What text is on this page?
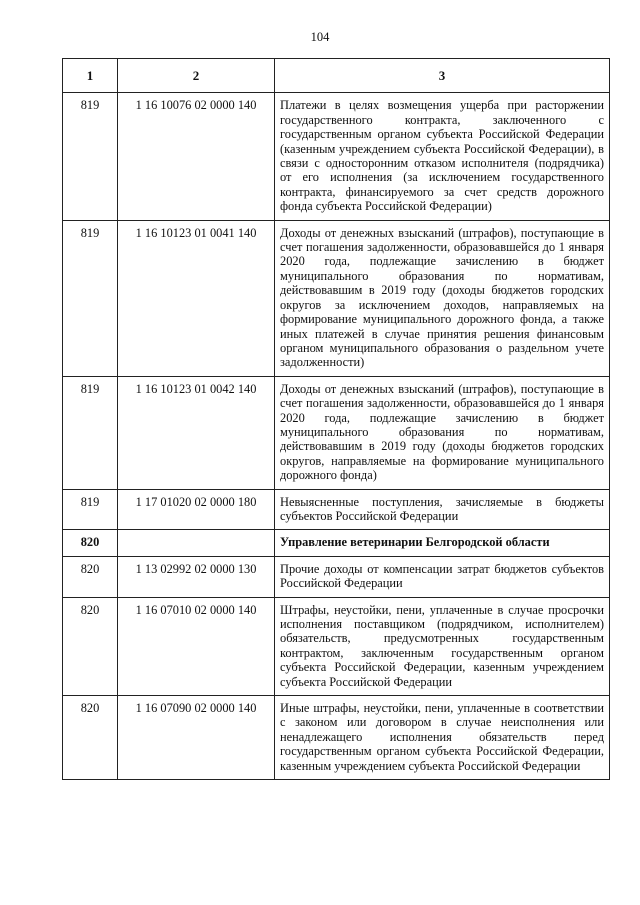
104
1	2	3
819	1 16 10076 02 0000 140	Платежи в целях возмещения ущерба при расторжении государственного контракта, заключенного с государственным органом субъекта Российской Федерации (казенным учреждением субъекта Российской Федерации), в связи с односторонним отказом исполнителя (подрядчика) от его исполнения (за исключением государственного контракта, финансируемого за счет средств дорожного фонда субъекта Российской Федерации)
819	1 16 10123 01 0041 140	Доходы от денежных взысканий (штрафов), поступающие в счет погашения задолженности, образовавшейся до 1 января 2020 года, подлежащие зачислению в бюджет муниципального образования по нормативам, действовавшим в 2019 году (доходы бюджетов городских округов за исключением доходов, направляемых на формирование муниципального дорожного фонда, а также иных платежей в случае принятия решения финансовым органом муниципального образования о раздельном учете задолженности)
819	1 16 10123 01 0042 140	Доходы от денежных взысканий (штрафов), поступающие в счет погашения задолженности, образовавшейся до 1 января 2020 года, подлежащие зачислению в бюджет муниципального образования по нормативам, действовавшим в 2019 году (доходы бюджетов городских округов, направляемые на формирование муниципального дорожного фонда)
819	1 17 01020 02 0000 180	Невыясненные поступления, зачисляемые в бюджеты субъектов Российской Федерации
820		Управление ветеринарии Белгородской области
820	1 13 02992 02 0000 130	Прочие доходы от компенсации затрат бюджетов субъектов Российской Федерации
820	1 16 07010 02 0000 140	Штрафы, неустойки, пени, уплаченные в случае просрочки исполнения поставщиком (подрядчиком, исполнителем) обязательств, предусмотренных государственным контрактом, заключенным государственным органом субъекта Российской Федерации, казенным учреждением субъекта Российской Федерации
820	1 16 07090 02 0000 140	Иные штрафы, неустойки, пени, уплаченные в соответствии с законом или договором в случае неисполнения или ненадлежащего исполнения обязательств перед государственным органом субъекта Российской Федерации, казенным учреждением субъекта Российской Федерации
